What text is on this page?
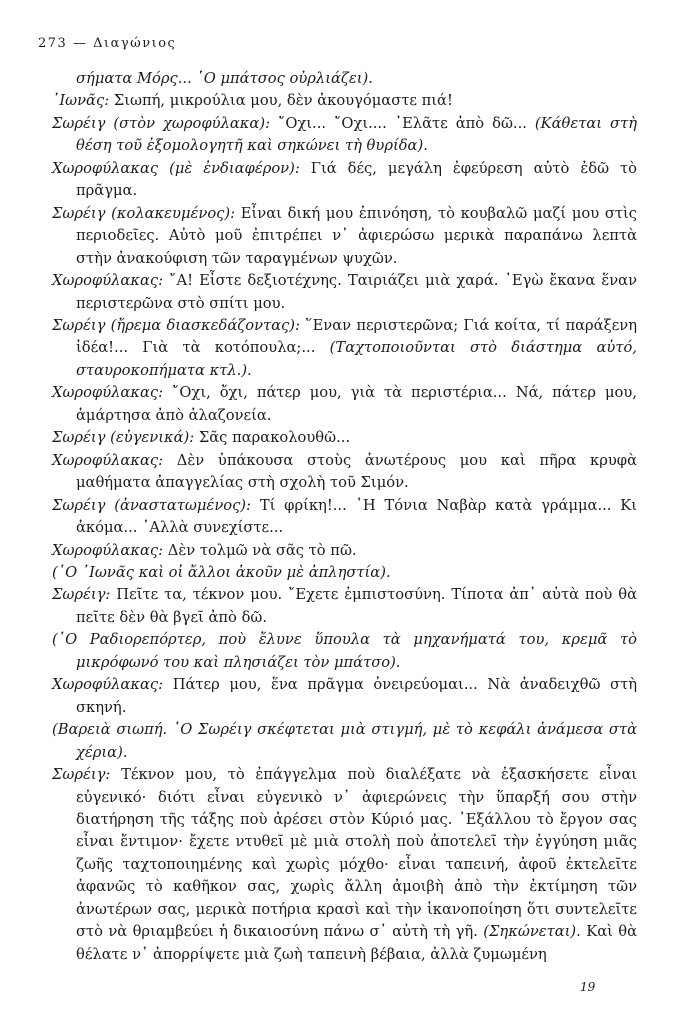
273 — Διαγώνιος

σήματα Μόρς... ῾Ο μπάτσος οὐρλιάζει).

᾿Ιωνᾶς: Σιωπή, μικρούλια μου, δὲν ἀκουγόμαστε πιά!

Σωρέιγ (στὸν χωροφύλακα): ῎Οχι... ῎Οχι.... ᾿Ελᾶτε ἀπὸ δῶ... (Κάθεται στὴ θέση τοῦ ἐξομολογητῆ καὶ σηκώνει τὴ θυρίδα).

Χωροφύλακας (μὲ ἐνδιαφέρον): Γιά δές, μεγάλη ἐφεύρεση αὐτὸ ἐδῶ τὸ πρᾶγμα.

Σωρέιγ (κολακευμένος): Εἶναι δική μου ἐπινόηση, τὸ κουβαλῶ μαζί μου στὶς περιοδεῖες. Αὐτὸ μοῦ ἐπιτρέπει ν᾿ ἀφιερώσω μερικὰ παραπάνω λεπτὰ στὴν ἀνακούφιση τῶν ταραγμένων ψυχῶν.

Χωροφύλακας: ῎Α! Εἶστε δεξιοτέχνης. Ταιριάζει μιὰ χαρά. ᾿Εγὼ ἔκανα ἕναν περιστερῶνα στὸ σπίτι μου.

Σωρέιγ (ἤρεμα διασκεδάζοντας): ῞Εναν περιστερῶνα; Γιά κοίτα, τί παράξενη ἰδέα!... Γιὰ τὰ κοτόπουλα;... (Ταχτοποιοῦνται στὸ διάστημα αὐτό, σταυροκοπήματα κτλ.).

Χωροφύλακας: ῎Οχι, ὄχι, πάτερ μου, γιὰ τὰ περιστέρια... Νά, πάτερ μου, ἁμάρτησα ἀπὸ ἀλαζονεία.

Σωρέιγ (εὐγενικά): Σᾶς παρακολουθῶ...

Χωροφύλακας: Δὲν ὑπάκουσα στοὺς ἀνωτέρους μου καὶ πῆρα κρυφὰ μαθήματα ἀπαγγελίας στὴ σχολὴ τοῦ Σιμόν.

Σωρέιγ (ἀναστατωμένος): Τί φρίκη!... ῾Η Τόνια Ναβὰρ κατὰ γράμμα... Κι ἀκόμα... ᾿Αλλὰ συνεχίστε...

Χωροφύλακας: Δὲν τολμῶ νὰ σᾶς τὸ πῶ.

(῾Ο ᾿Ιωνᾶς καὶ οἱ ἄλλοι ἀκοῦν μὲ ἀπληστία).

Σωρέιγ: Πεῖτε τα, τέκνον μου. ῎Εχετε ἐμπιστοσύνη. Τίποτα ἀπ᾿ αὐτὰ ποὺ θὰ πεῖτε δὲν θὰ βγεῖ ἀπὸ δῶ.

(῾Ο Ραδιορεπόρτερ, ποὺ ἔλυνε ὕπουλα τὰ μηχανήματά του, κρεμᾶ τὸ μικρόφωνό του καὶ πλησιάζει τὸν μπάτσο).

Χωροφύλακας: Πάτερ μου, ἕνα πρᾶγμα ὀνειρεύομαι... Νὰ ἀναδειχθῶ στὴ σκηνή.

(Βαρειὰ σιωπή. ῾Ο Σωρέιγ σκέφτεται μιὰ στιγμή, μὲ τὸ κεφάλι ἀνάμεσα στὰ χέρια).

Σωρέιγ: Τέκνον μου, τὸ ἐπάγγελμα ποὺ διαλέξατε νὰ ἐξασκήσετε εἶναι εὐγενικό· διότι εἶναι εὐγενικὸ ν᾿ ἀφιερώνεις τὴν ὕπαρξή σου στὴν διατήρηση τῆς τάξης ποὺ ἀρέσει στὸν Κύριό μας. ᾿Εξάλλου τὸ ἔργον σας εἶναι ἔντιμον· ἔχετε ντυθεῖ μὲ μιὰ στολὴ ποὺ ἀποτελεῖ τὴν ἐγγύηση μιᾶς ζωῆς ταχτοποιημένης καὶ χωρὶς μόχθο· εἶναι ταπεινή, ἀφοῦ ἐκτελεῖτε ἀφανῶς τὸ καθῆκον σας, χωρὶς ἄλλη ἀμοιβὴ ἀπὸ τὴν ἐκτίμηση τῶν ἀνωτέρων σας, μερικὰ ποτήρια κρασὶ καὶ τὴν ἱκανοποίηση ὅτι συντελεῖτε στὸ νὰ θριαμβεύει ἡ δικαιοσύνη πάνω σ᾿ αὐτὴ τὴ γῆ. (Σηκώνεται). Καὶ θὰ θέλατε ν᾿ ἀπορρίψετε μιὰ ζωὴ ταπεινὴ βέβαια, ἀλλὰ ζυμωμένη

19
